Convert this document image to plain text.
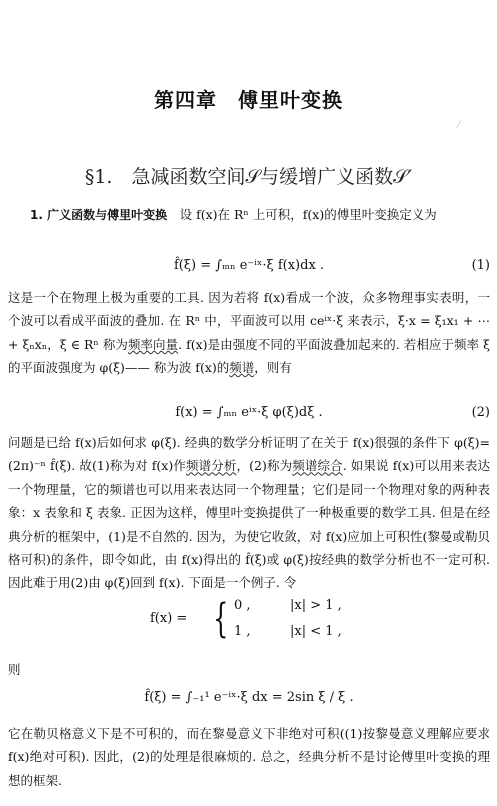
⁄
第四章　傅里叶变换
§1.　急减函数空间𝒮与缓增广义函数𝒮′
1. 广义函数与傅里叶变换　 设 f(x)在 Rⁿ 上可积，f(x)的傅里叶变换定义为
f̂(ξ) = ∫ₘₙ e⁻ⁱˣ·ξ f(x)dx .	(1)
这是一个在物理上极为重要的工具. 因为若将 f(x)看成一个波，众多物理事实表明，一个波可以看成平面波的叠加. 在 Rⁿ 中，平面波可以用 ceⁱˣ·ξ 来表示，ξ·x = ξ₁x₁ + ⋯ + ξₙxₙ，ξ ∈ Rⁿ 称为频率向量. f(x)是由强度不同的平面波叠加起来的. 若相应于频率 ξ 的平面波强度为 φ(ξ)—— 称为波 f(x)的频谱，则有
f(x) = ∫ₘₙ eⁱˣ·ξ φ(ξ)dξ .	(2)
问题是已给 f(x)后如何求 φ(ξ). 经典的数学分析证明了在关于 f(x)很强的条件下 φ(ξ)=(2π)⁻ⁿ f̂(ξ). 故(1)称为对 f(x)作频谱分析，(2)称为频谱综合. 如果说 f(x)可以用来表达一个物理量，它的频谱也可以用来表达同一个物理量；它们是同一个物理对象的两种表象：x 表象和 ξ 表象. 正因为这样，傅里叶变换提供了一种极重要的数学工具. 但是在经典分析的框架中，(1)是不自然的. 因为，为使它收敛，对 f(x)应加上可积性(黎曼或勒贝格可积)的条件，即令如此，由 f(x)得出的 f̂(ξ)或 φ(ξ)按经典的数学分析也不一定可积. 因此难于用(2)由 φ(ξ)回到 f(x). 下面是一个例子. 令
f(x) = { 0 ,	|x| > 1 ,
1 ,	|x| < 1 ,
则
f̂(ξ) = ∫₋₁¹ e⁻ⁱˣ·ξ dx = 2sin ξ / ξ .
它在勒贝格意义下是不可积的，而在黎曼意义下非绝对可积((1)按黎曼意义理解应要求 f(x)绝对可积). 因此，(2)的处理是很麻烦的. 总之，经典分析不是讨论傅里叶变换的理想的框架.
